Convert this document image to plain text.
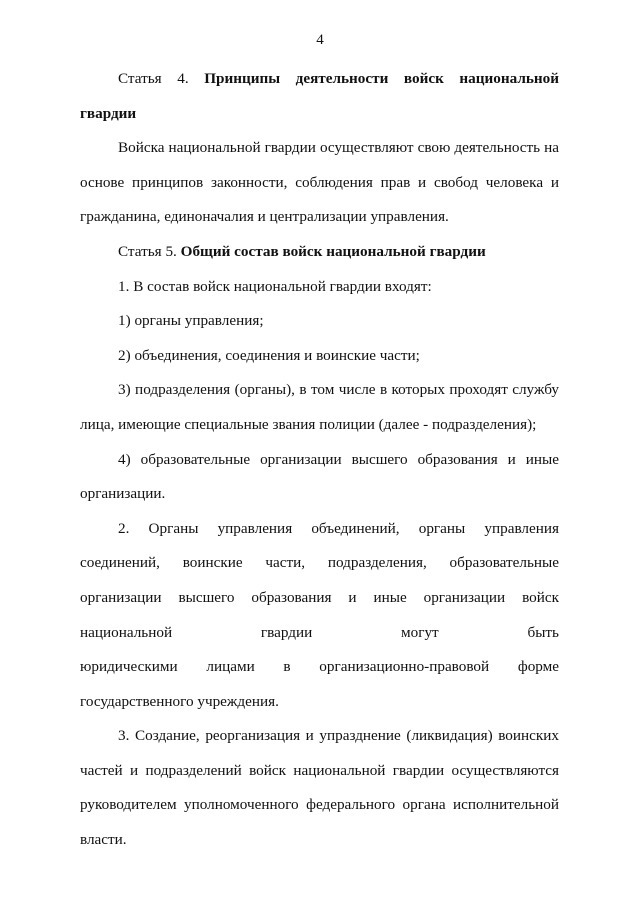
4

Статья 4. Принципы деятельности войск национальной гвардии

Войска национальной гвардии осуществляют свою деятельность на основе принципов законности, соблюдения прав и свобод человека и гражданина, единоначалия и централизации управления.

Статья 5. Общий состав войск национальной гвардии

1. В состав войск национальной гвардии входят:

1) органы управления;

2) объединения, соединения и воинские части;

3) подразделения (органы), в том числе в которых проходят службу лица, имеющие специальные звания полиции (далее - подразделения);

4) образовательные организации высшего образования и иные организации.

2. Органы управления объединений, органы управления соединений, воинские части, подразделения, образовательные организации высшего образования и иные организации войск национальной гвардии могут быть

юридическими лицами в организационно-правовой форме

государственного учреждения.

3. Создание, реорганизация и упразднение (ликвидация) воинских частей и подразделений войск национальной гвардии осуществляются руководителем уполномоченного федерального органа исполнительной власти.
